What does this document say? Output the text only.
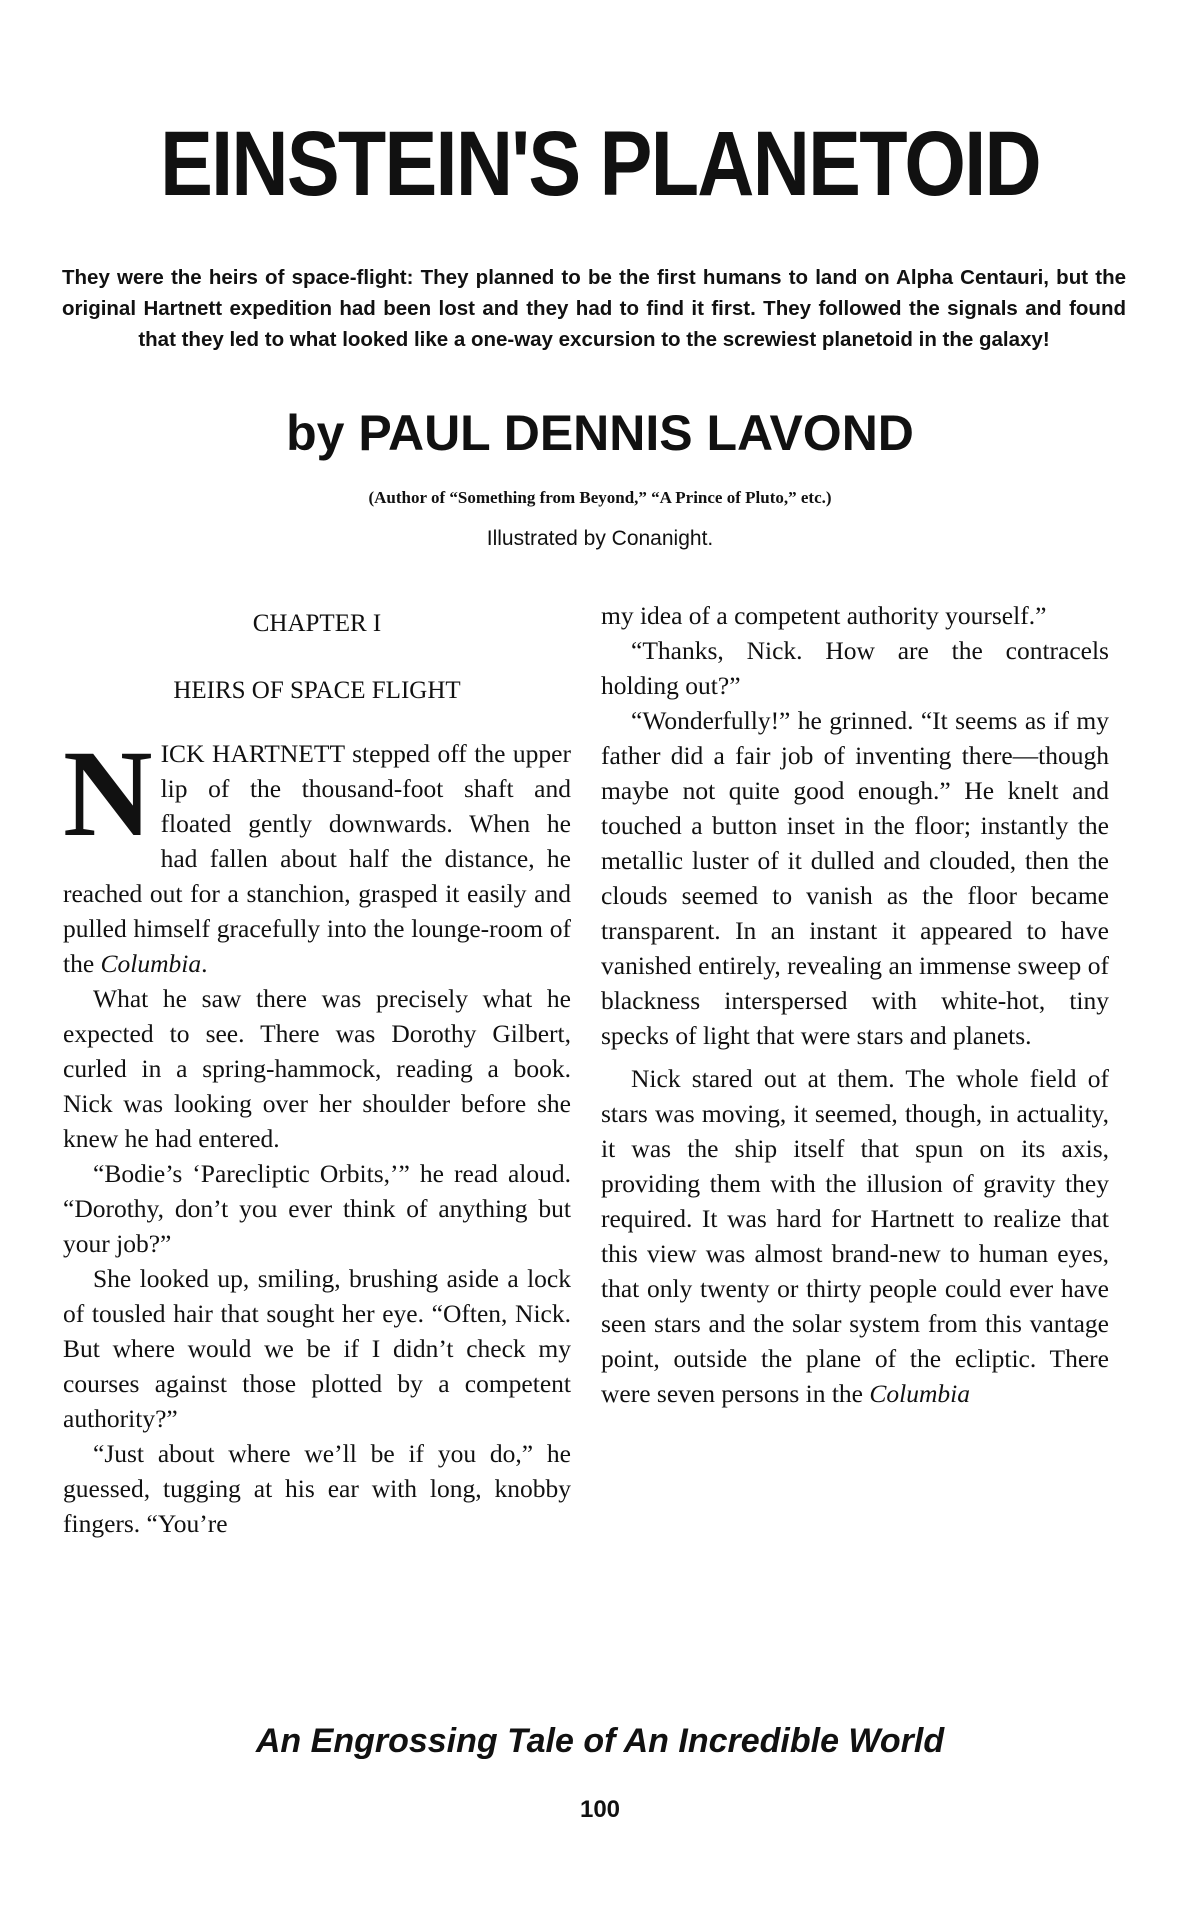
EINSTEIN'S PLANETOID

They were the heirs of space-flight: They planned to be the first humans to land on Alpha Centauri, but the original Hartnett expedition had been lost and they had to find it first. They followed the signals and found that they led to what looked like a one-way excursion to the screwiest planetoid in the galaxy!

by PAUL DENNIS LAVOND

(Author of “Something from Beyond,” “A Prince of Pluto,” etc.)

Illustrated by Conanight.

CHAPTER I
HEIRS OF SPACE FLIGHT

NICK HARTNETT stepped off the upper lip of the thousand-foot shaft and floated gently downwards. When he had fallen about half the distance, he reached out for a stanchion, grasped it easily and pulled himself gracefully into the lounge-room of the Columbia.

What he saw there was precisely what he expected to see. There was Dorothy Gilbert, curled in a spring-hammock, reading a book. Nick was looking over her shoulder before she knew he had entered.

“Bodie’s ‘Parecliptic Orbits,’” he read aloud. “Dorothy, don’t you ever think of anything but your job?”

She looked up, smiling, brushing aside a lock of tousled hair that sought her eye. “Often, Nick. But where would we be if I didn’t check my courses against those plotted by a competent authority?”

“Just about where we’ll be if you do,” he guessed, tugging at his ear with long, knobby fingers. “You’re

my idea of a competent authority yourself.”

“Thanks, Nick. How are the contracels holding out?”

“Wonderfully!” he grinned. “It seems as if my father did a fair job of inventing there—though maybe not quite good enough.” He knelt and touched a button inset in the floor; instantly the metallic luster of it dulled and clouded, then the clouds seemed to vanish as the floor became transparent. In an instant it appeared to have vanished entirely, revealing an immense sweep of blackness interspersed with white-hot, tiny specks of light that were stars and planets.

Nick stared out at them. The whole field of stars was moving, it seemed, though, in actuality, it was the ship itself that spun on its axis, providing them with the illusion of gravity they required. It was hard for Hartnett to realize that this view was almost brand-new to human eyes, that only twenty or thirty people could ever have seen stars and the solar system from this vantage point, outside the plane of the ecliptic. There were seven persons in the Columbia

An Engrossing Tale of An Incredible World

100
